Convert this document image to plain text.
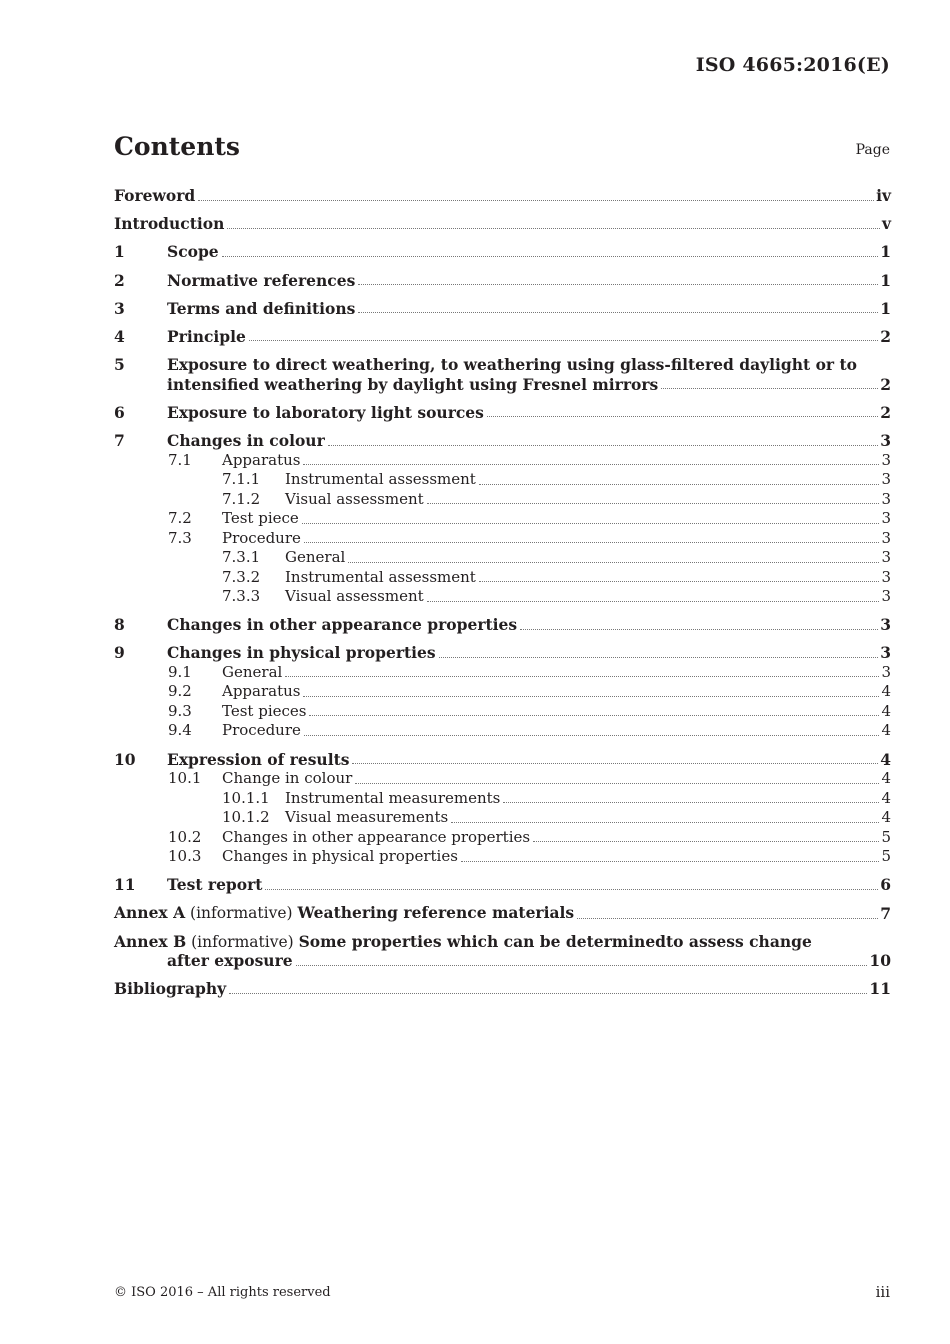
ISO 4665:2016(E)
Contents	Page
Foreword	iv
Introduction	v
1	Scope	1
2	Normative references	1
3	Terms and definitions	1
4	Principle	2
5	Exposure to direct weathering, to weathering using glass-filtered daylight or to
intensified weathering by daylight using Fresnel mirrors	2
6	Exposure to laboratory light sources	2
7	Changes in colour	3
7.1 Apparatus	3
7.1.1 Instrumental assessment	3
7.1.2 Visual assessment	3
7.2 Test piece	3
7.3 Procedure	3
7.3.1 General	3
7.3.2 Instrumental assessment	3
7.3.3 Visual assessment	3
8	Changes in other appearance properties	3
9	Changes in physical properties	3
9.1 General	3
9.2 Apparatus	4
9.3 Test pieces	4
9.4 Procedure	4
10 Expression of results	4
10.1 Change in colour	4
10.1.1 Instrumental measurements	4
10.1.2 Visual measurements	4
10.2 Changes in other appearance properties	5
10.3 Changes in physical properties	5
11 Test report	6
Annex A (informative) Weathering reference materials	7
Annex B (informative) Some properties which can be determinedto assess change
after exposure	10
Bibliography	11
© ISO 2016 – All rights reserved	iii
